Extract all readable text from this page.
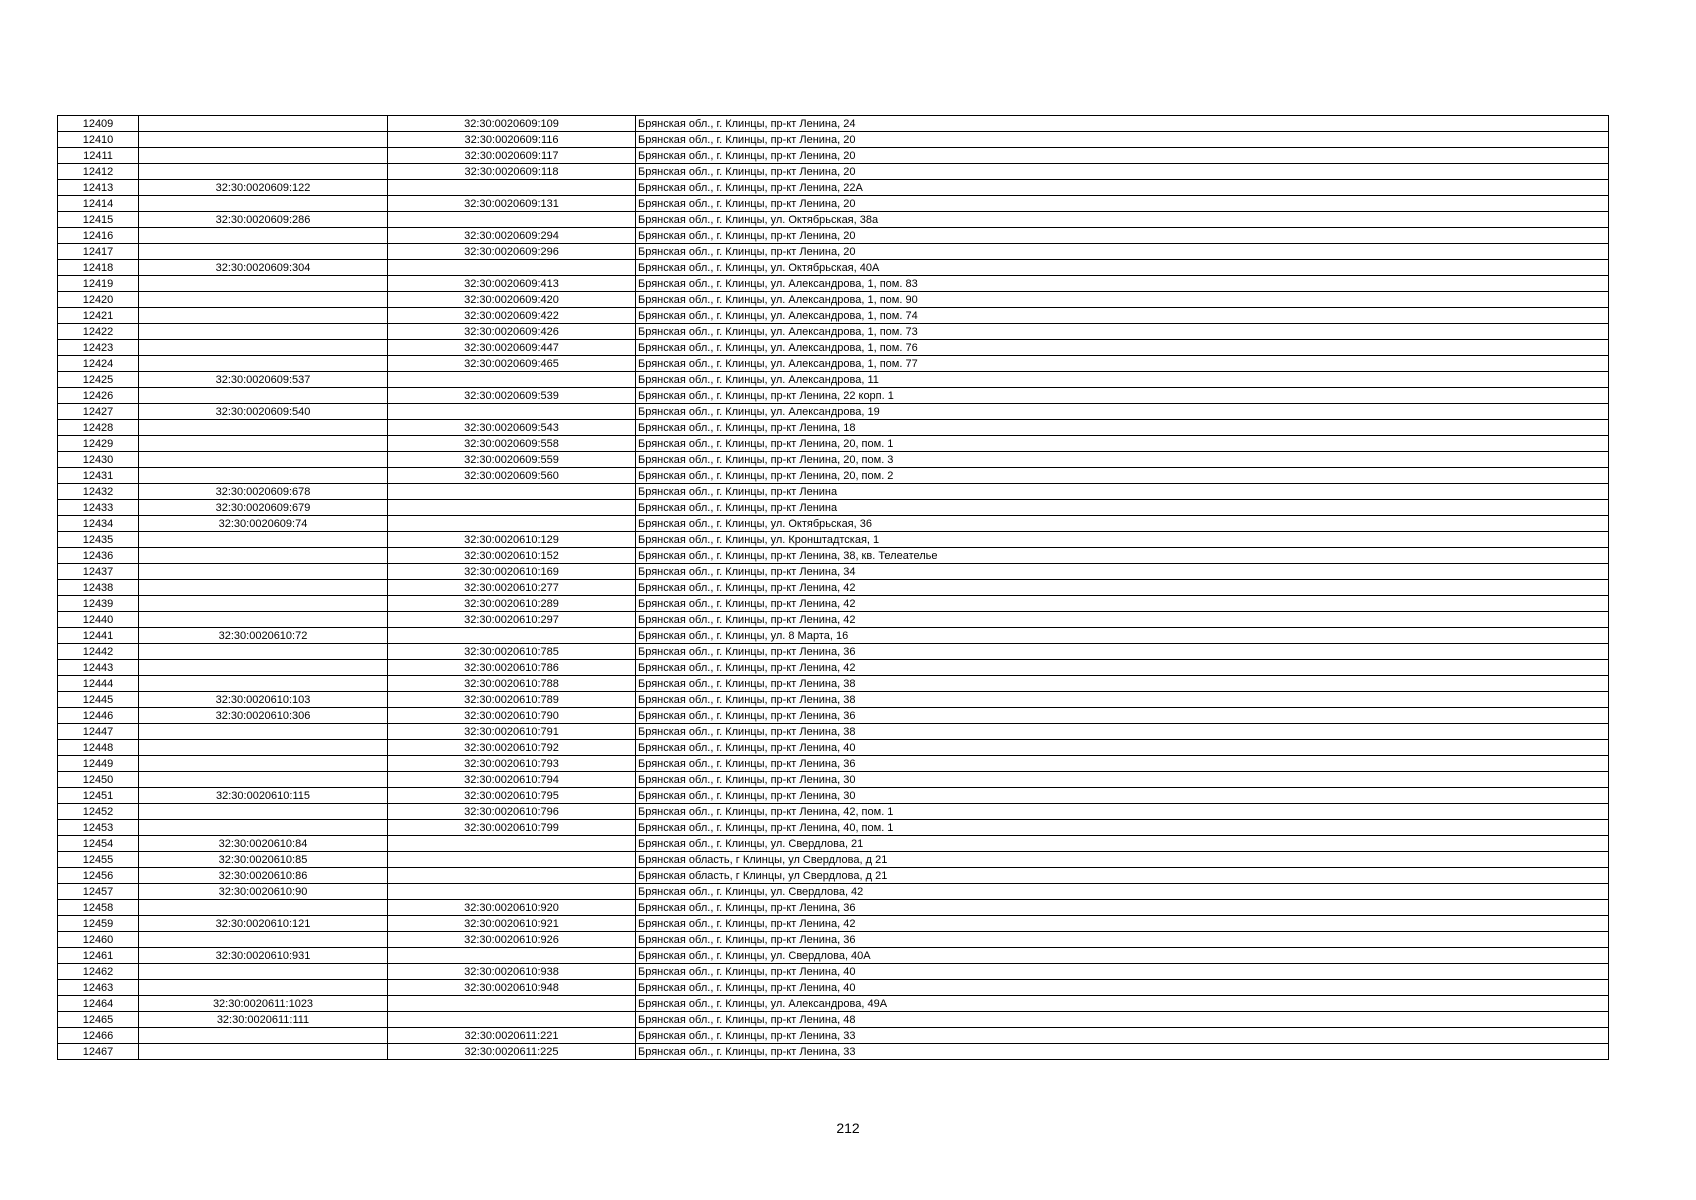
12409		32:30:0020609:109	Брянская обл., г. Клинцы, пр-кт Ленина, 24
12410		32:30:0020609:116	Брянская обл., г. Клинцы, пр-кт Ленина, 20
12411		32:30:0020609:117	Брянская обл., г. Клинцы, пр-кт Ленина, 20
12412		32:30:0020609:118	Брянская обл., г. Клинцы, пр-кт Ленина, 20
12413	32:30:0020609:122		Брянская обл., г. Клинцы, пр-кт Ленина, 22А
12414		32:30:0020609:131	Брянская обл., г. Клинцы, пр-кт Ленина, 20
12415	32:30:0020609:286		Брянская обл., г. Клинцы, ул. Октябрьская, 38а
12416		32:30:0020609:294	Брянская обл., г. Клинцы, пр-кт Ленина, 20
12417		32:30:0020609:296	Брянская обл., г. Клинцы, пр-кт Ленина, 20
12418	32:30:0020609:304		Брянская обл., г. Клинцы, ул. Октябрьская, 40А
12419		32:30:0020609:413	Брянская обл., г. Клинцы, ул. Александрова, 1, пом. 83
12420		32:30:0020609:420	Брянская обл., г. Клинцы, ул. Александрова, 1, пом. 90
12421		32:30:0020609:422	Брянская обл., г. Клинцы, ул. Александрова, 1, пом. 74
12422		32:30:0020609:426	Брянская обл., г. Клинцы, ул. Александрова, 1, пом. 73
12423		32:30:0020609:447	Брянская обл., г. Клинцы, ул. Александрова, 1, пом. 76
12424		32:30:0020609:465	Брянская обл., г. Клинцы, ул. Александрова, 1, пом. 77
12425	32:30:0020609:537		Брянская обл., г. Клинцы, ул. Александрова, 11
12426		32:30:0020609:539	Брянская обл., г. Клинцы, пр-кт Ленина, 22 корп. 1
12427	32:30:0020609:540		Брянская обл., г. Клинцы, ул. Александрова, 19
12428		32:30:0020609:543	Брянская обл., г. Клинцы, пр-кт Ленина, 18
12429		32:30:0020609:558	Брянская обл., г. Клинцы, пр-кт Ленина, 20, пом. 1
12430		32:30:0020609:559	Брянская обл., г. Клинцы, пр-кт Ленина, 20, пом. 3
12431		32:30:0020609:560	Брянская обл., г. Клинцы, пр-кт Ленина, 20, пом. 2
12432	32:30:0020609:678		Брянская обл., г. Клинцы, пр-кт Ленина
12433	32:30:0020609:679		Брянская обл., г. Клинцы, пр-кт Ленина
12434	32:30:0020609:74		Брянская обл., г. Клинцы, ул. Октябрьская, 36
12435		32:30:0020610:129	Брянская обл., г. Клинцы, ул. Кронштадтская, 1
12436		32:30:0020610:152	Брянская обл., г. Клинцы, пр-кт Ленина, 38, кв. Телеателье
12437		32:30:0020610:169	Брянская обл., г. Клинцы, пр-кт Ленина, 34
12438		32:30:0020610:277	Брянская обл., г. Клинцы, пр-кт Ленина, 42
12439		32:30:0020610:289	Брянская обл., г. Клинцы, пр-кт Ленина, 42
12440		32:30:0020610:297	Брянская обл., г. Клинцы, пр-кт Ленина, 42
12441	32:30:0020610:72		Брянская обл., г. Клинцы, ул. 8 Марта, 16
12442		32:30:0020610:785	Брянская обл., г. Клинцы, пр-кт Ленина, 36
12443		32:30:0020610:786	Брянская обл., г. Клинцы, пр-кт Ленина, 42
12444		32:30:0020610:788	Брянская обл., г. Клинцы, пр-кт Ленина, 38
12445	32:30:0020610:103	32:30:0020610:789	Брянская обл., г. Клинцы, пр-кт Ленина, 38
12446	32:30:0020610:306	32:30:0020610:790	Брянская обл., г. Клинцы, пр-кт Ленина, 36
12447		32:30:0020610:791	Брянская обл., г. Клинцы, пр-кт Ленина, 38
12448		32:30:0020610:792	Брянская обл., г. Клинцы, пр-кт Ленина, 40
12449		32:30:0020610:793	Брянская обл., г. Клинцы, пр-кт Ленина, 36
12450		32:30:0020610:794	Брянская обл., г. Клинцы, пр-кт Ленина, 30
12451	32:30:0020610:115	32:30:0020610:795	Брянская обл., г. Клинцы, пр-кт Ленина, 30
12452		32:30:0020610:796	Брянская обл., г. Клинцы, пр-кт Ленина, 42, пом. 1
12453		32:30:0020610:799	Брянская обл., г. Клинцы, пр-кт Ленина, 40, пом. 1
12454	32:30:0020610:84		Брянская обл., г. Клинцы, ул. Свердлова, 21
12455	32:30:0020610:85		Брянская область, г Клинцы, ул Свердлова, д 21
12456	32:30:0020610:86		Брянская область, г Клинцы, ул Свердлова, д 21
12457	32:30:0020610:90		Брянская обл., г. Клинцы, ул. Свердлова, 42
12458		32:30:0020610:920	Брянская обл., г. Клинцы, пр-кт Ленина, 36
12459	32:30:0020610:121	32:30:0020610:921	Брянская обл., г. Клинцы, пр-кт Ленина, 42
12460		32:30:0020610:926	Брянская обл., г. Клинцы, пр-кт Ленина, 36
12461	32:30:0020610:931		Брянская обл., г. Клинцы, ул. Свердлова, 40А
12462		32:30:0020610:938	Брянская обл., г. Клинцы, пр-кт Ленина, 40
12463		32:30:0020610:948	Брянская обл., г. Клинцы, пр-кт Ленина, 40
12464	32:30:0020611:1023		Брянская обл., г. Клинцы, ул. Александрова, 49А
12465	32:30:0020611:111		Брянская обл., г. Клинцы, пр-кт Ленина, 48
12466		32:30:0020611:221	Брянская обл., г. Клинцы, пр-кт Ленина, 33
12467		32:30:0020611:225	Брянская обл., г. Клинцы, пр-кт Ленина, 33
212
